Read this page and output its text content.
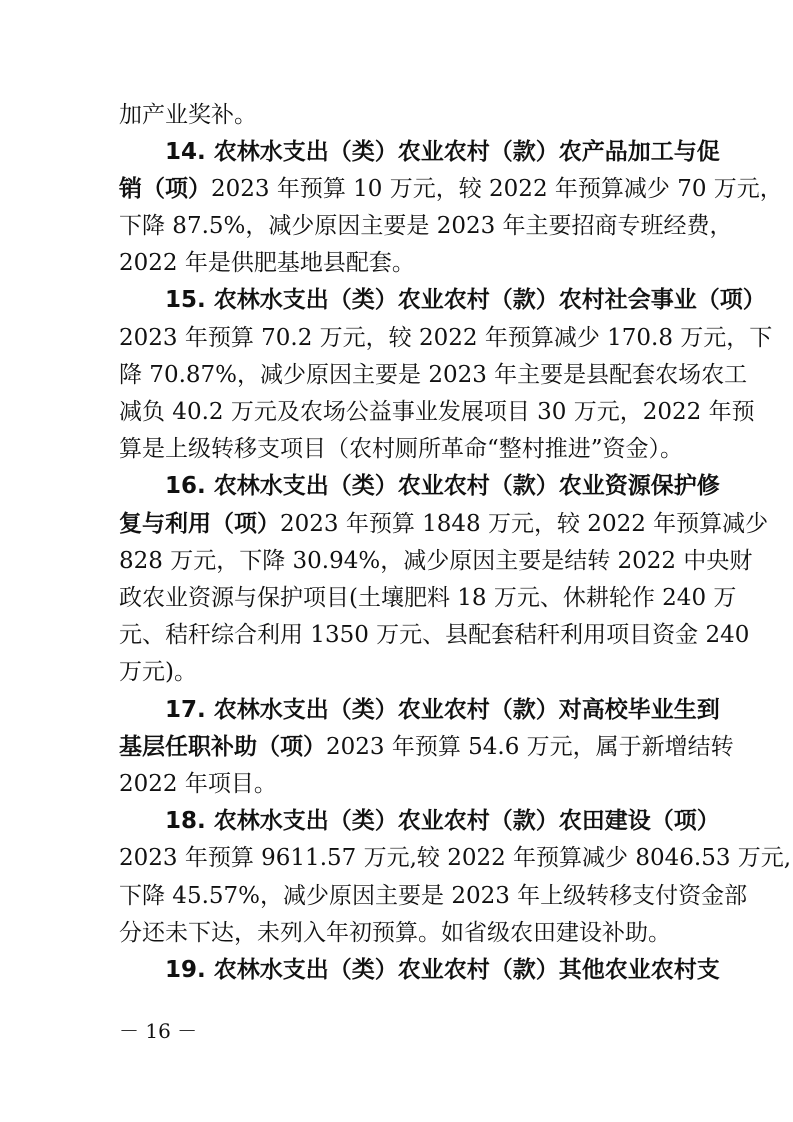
加产业奖补。
14. 农林水支出（类）农业农村（款）农产品加工与促
销（项）2023 年预算 10 万元，较 2022 年预算减少 70 万元，
下降 87.5%，减少原因主要是 2023 年主要招商专班经费，
2022 年是供肥基地县配套。
15. 农林水支出（类）农业农村（款）农村社会事业（项）
2023 年预算 70.2 万元，较 2022 年预算减少 170.8 万元，下
降 70.87%，减少原因主要是 2023 年主要是县配套农场农工
减负 40.2 万元及农场公益事业发展项目 30 万元，2022 年预
算是上级转移支项目（农村厕所革命“整村推进”资金）。
16. 农林水支出（类）农业农村（款）农业资源保护修
复与利用（项）2023 年预算 1848 万元，较 2022 年预算减少
828 万元，下降 30.94%，减少原因主要是结转 2022 中央财
政农业资源与保护项目(土壤肥料 18 万元、休耕轮作 240 万
元、秸秆综合利用 1350 万元、县配套秸秆利用项目资金 240
万元)。
17. 农林水支出（类）农业农村（款）对高校毕业生到
基层任职补助（项）2023 年预算 54.6 万元，属于新增结转
2022 年项目。
18. 农林水支出（类）农业农村（款）农田建设（项）
2023 年预算 9611.57 万元,较 2022 年预算减少 8046.53 万元,
下降 45.57%，减少原因主要是 2023 年上级转移支付资金部
分还未下达，未列入年初预算。如省级农田建设补助。
19. 农林水支出（类）农业农村（款）其他农业农村支
－ 16 －
